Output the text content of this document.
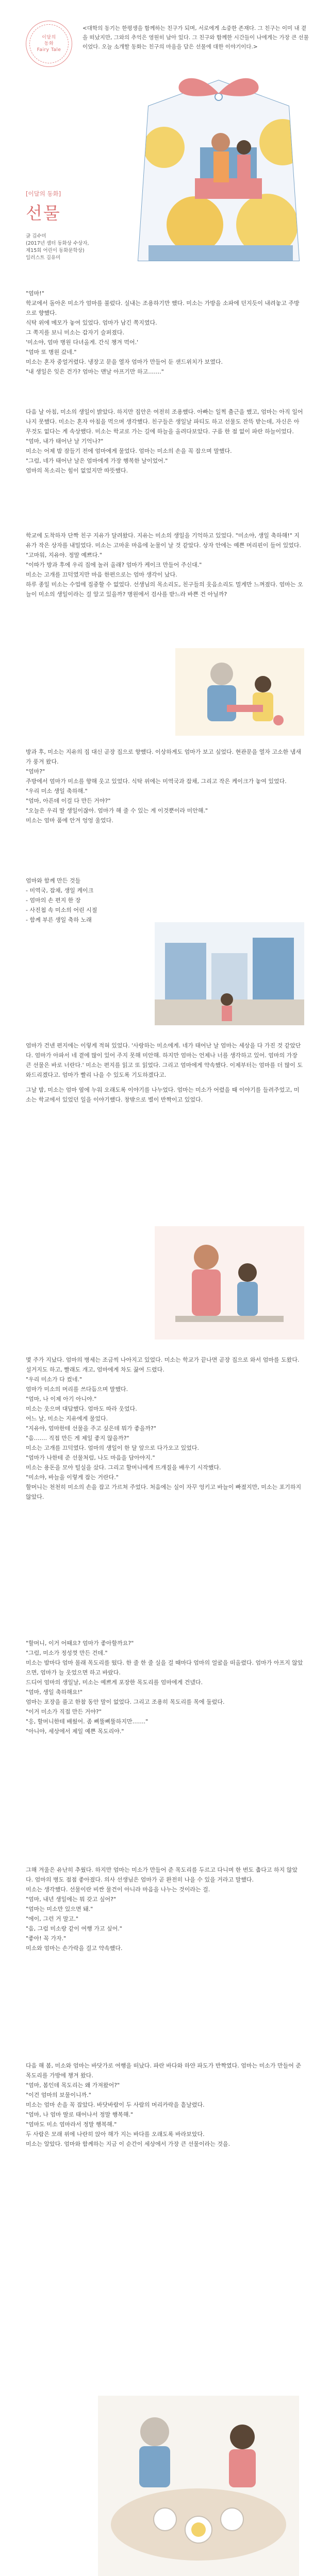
이달의
동화
Fairy Tale
<대학의 동기는 한평생을 함께하는 친구가 되며, 서로에게 소중한 존재다. 그 친구는 이미 내 곁을 떠났지만, 그와의 추억은 영원히 남아 있다. 그 친구와 함께한 시간들이 나에게는 가장 큰 선물이었다. 오늘 소개할 동화는 친구의 마음을 담은 선물에 대한 이야기이다.>
[이달의 동화]
선물
글 김수미
(2017년 샘터 동화상 수상자,
제15회 어린이 동화문학상)
일러스트 김유미

"엄마!"

학교에서 돌아온 미소가 엄마를 불렀다. 실내는 조용하기만 했다. 미소는 가방을 소파에 던지듯이 내려놓고 주방으로 향했다.

식탁 위에 메모가 놓여 있었다. 엄마가 남긴 쪽지였다.

그 쪽지를 보니 미소는 갑자기 슬퍼졌다.

'미소야, 엄마 병원 다녀올게. 간식 챙겨 먹어.'

"엄마 또 병원 갔네."

미소는 혼자 중얼거렸다. 냉장고 문을 열자 엄마가 만들어 둔 샌드위치가 보였다.

"내 생일은 잊은 건가? 엄마는 맨날 아프기만 하고……."

다음 날 아침, 미소의 생일이 밝았다. 하지만 집안은 여전히 조용했다. 아빠는 일찍 출근을 했고, 엄마는 아직 일어나지 못했다. 미소는 혼자 아침을 먹으며 생각했다. 친구들은 생일날 파티도 하고 선물도 잔뜩 받는데, 자신은 아무것도 없다는 게 속상했다. 미소는 학교로 가는 길에 하늘을 올려다보았다. 구름 한 점 없이 파란 하늘이었다.

"엄마, 내가 태어난 날 기억나?"

미소는 어제 밤 잠들기 전에 엄마에게 물었다. 엄마는 미소의 손을 꼭 잡으며 말했다.

"그럼, 네가 태어난 날은 엄마에게 가장 행복한 날이었어."

엄마의 목소리는 힘이 없었지만 따뜻했다.

학교에 도착하자 단짝 친구 지유가 달려왔다. 지유는 미소의 생일을 기억하고 있었다. "미소야, 생일 축하해!" 지유가 작은 상자를 내밀었다. 미소는 고마운 마음에 눈물이 날 것 같았다. 상자 안에는 예쁜 머리핀이 들어 있었다.

"고마워, 지유야. 정말 예쁘다."

"이따가 방과 후에 우리 집에 놀러 올래? 엄마가 케이크 만들어 주신대."

미소는 고개를 끄덕였지만 마음 한편으로는 엄마 생각이 났다.

하루 종일 미소는 수업에 집중할 수 없었다. 선생님의 목소리도, 친구들의 웃음소리도 멀게만 느껴졌다. 엄마는 오늘이 미소의 생일이라는 걸 알고 있을까? 병원에서 검사를 받느라 바쁜 건 아닐까?

방과 후, 미소는 지유의 집 대신 곧장 집으로 향했다. 이상하게도 엄마가 보고 싶었다. 현관문을 열자 고소한 냄새가 풍겨 왔다.

"엄마?"

주방에서 엄마가 미소를 향해 웃고 있었다. 식탁 위에는 미역국과 잡채, 그리고 작은 케이크가 놓여 있었다.

"우리 미소 생일 축하해."

"엄마, 아픈데 이걸 다 만든 거야?"

"오늘은 우리 딸 생일이잖아. 엄마가 해 줄 수 있는 게 이것뿐이라 미안해."

미소는 엄마 품에 안겨 엉엉 울었다.

엄마와 함께 만든 것들

- 미역국, 잡채, 생일 케이크

- 엄마의 손 편지 한 장

- 사진첩 속 미소의 어린 시절

- 함께 부른 생일 축하 노래

엄마가 건넨 편지에는 이렇게 적혀 있었다. '사랑하는 미소에게. 네가 태어난 날 엄마는 세상을 다 가진 것 같았단다. 엄마가 아파서 네 곁에 많이 있어 주지 못해 미안해. 하지만 엄마는 언제나 너를 생각하고 있어. 엄마의 가장 큰 선물은 바로 너란다.' 미소는 편지를 읽고 또 읽었다. 그리고 엄마에게 약속했다. 이제부터는 엄마를 더 많이 도와드리겠다고. 엄마가 빨리 나을 수 있도록 기도하겠다고.

그날 밤, 미소는 엄마 옆에 누워 오래도록 이야기를 나누었다. 엄마는 미소가 어렸을 때 이야기를 들려주었고, 미소는 학교에서 있었던 일을 이야기했다. 창밖으로 별이 반짝이고 있었다.

몇 주가 지났다. 엄마의 병세는 조금씩 나아지고 있었다. 미소는 학교가 끝나면 곧장 집으로 와서 엄마를 도왔다. 설거지도 하고, 빨래도 개고, 엄마에게 차도 끓여 드렸다.

"우리 미소가 다 컸네."

엄마가 미소의 머리를 쓰다듬으며 말했다.

"엄마, 나 이제 아기 아니야."

미소는 웃으며 대답했다. 엄마도 따라 웃었다.

어느 날, 미소는 지유에게 물었다.

"지유야, 엄마한테 선물을 주고 싶은데 뭐가 좋을까?"

"음……. 직접 만든 게 제일 좋지 않을까?"

미소는 고개를 끄덕였다. 엄마의 생일이 한 달 앞으로 다가오고 있었다.

"엄마가 나한테 준 선물처럼, 나도 마음을 담아야지."

미소는 용돈을 모아 털실을 샀다. 그리고 할머니에게 뜨개질을 배우기 시작했다.

"미소야, 바늘을 이렇게 잡는 거란다."

할머니는 천천히 미소의 손을 잡고 가르쳐 주었다. 처음에는 실이 자꾸 엉키고 바늘이 빠졌지만, 미소는 포기하지 않았다.

"할머니, 이거 어때요? 엄마가 좋아할까요?"

"그럼, 미소가 정성껏 만든 건데."

미소는 밤마다 엄마 몰래 목도리를 떴다. 한 줄 한 줄 실을 걸 때마다 엄마의 얼굴을 떠올렸다. 엄마가 아프지 않았으면, 엄마가 늘 웃었으면 하고 바랐다.

드디어 엄마의 생일날, 미소는 예쁘게 포장한 목도리를 엄마에게 건넸다.

"엄마, 생일 축하해요!"

엄마는 포장을 풀고 한참 동안 말이 없었다. 그리고 조용히 목도리를 목에 둘렀다.

"이거 미소가 직접 만든 거야?"

"응, 할머니한테 배웠어. 좀 삐뚤삐뚤하지만……."

"아니야, 세상에서 제일 예쁜 목도리야."

그해 겨울은 유난히 추웠다. 하지만 엄마는 미소가 만들어 준 목도리를 두르고 다니며 한 번도 춥다고 하지 않았다. 엄마의 병도 점점 좋아졌다. 의사 선생님은 엄마가 곧 완전히 나을 수 있을 거라고 말했다.

미소는 생각했다. 선물이란 비싼 물건이 아니라 마음을 나누는 것이라는 걸.

"엄마, 내년 생일에는 뭐 갖고 싶어?"

"엄마는 미소만 있으면 돼."

"에이, 그런 거 말고."

"음, 그럼 미소랑 같이 여행 가고 싶어."

"좋아! 꼭 가자."

미소와 엄마는 손가락을 걸고 약속했다.

다음 해 봄, 미소와 엄마는 바닷가로 여행을 떠났다. 파란 바다와 하얀 파도가 반짝였다. 엄마는 미소가 만들어 준 목도리를 가방에 챙겨 왔다.

"엄마, 봄인데 목도리는 왜 가져왔어?"

"이건 엄마의 보물이니까."

미소는 엄마 손을 꼭 잡았다. 바닷바람이 두 사람의 머리카락을 흩날렸다.

"엄마, 나 엄마 딸로 태어나서 정말 행복해."

"엄마도 미소 엄마라서 정말 행복해."

두 사람은 모래 위에 나란히 앉아 해가 지는 바다를 오래도록 바라보았다.

미소는 알았다. 엄마와 함께하는 지금 이 순간이 세상에서 가장 큰 선물이라는 것을.
